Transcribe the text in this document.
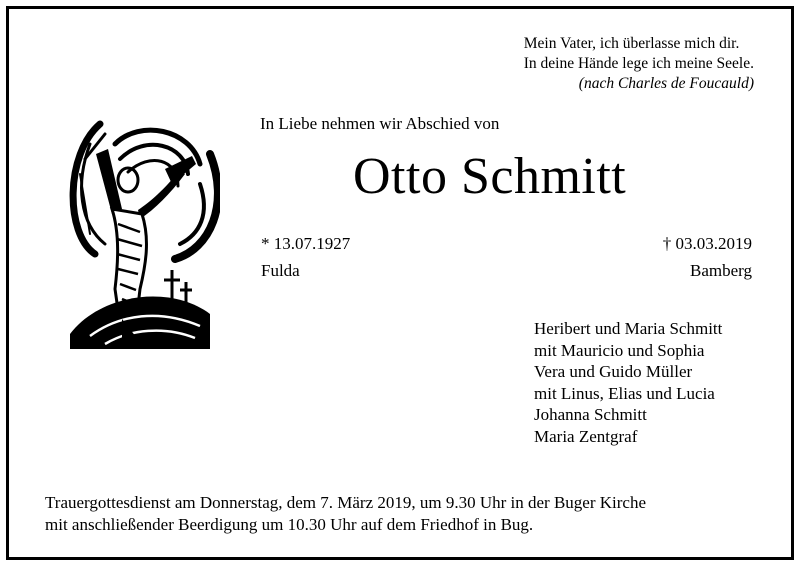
Mein Vater, ich überlasse mich dir.
In deine Hände lege ich meine Seele.
(nach Charles de Foucauld)
In Liebe nehmen wir Abschied von
Otto Schmitt
* 13.07.1927
Fulda
† 03.03.2019
Bamberg
Heribert und Maria Schmitt
mit Mauricio und Sophia
Vera und Guido Müller
mit Linus, Elias und Lucia
Johanna Schmitt
Maria Zentgraf
Trauergottesdienst am Donnerstag, dem 7. März 2019, um 9.30 Uhr in der Buger Kirche
mit anschließender Beerdigung um 10.30 Uhr auf dem Friedhof in Bug.
